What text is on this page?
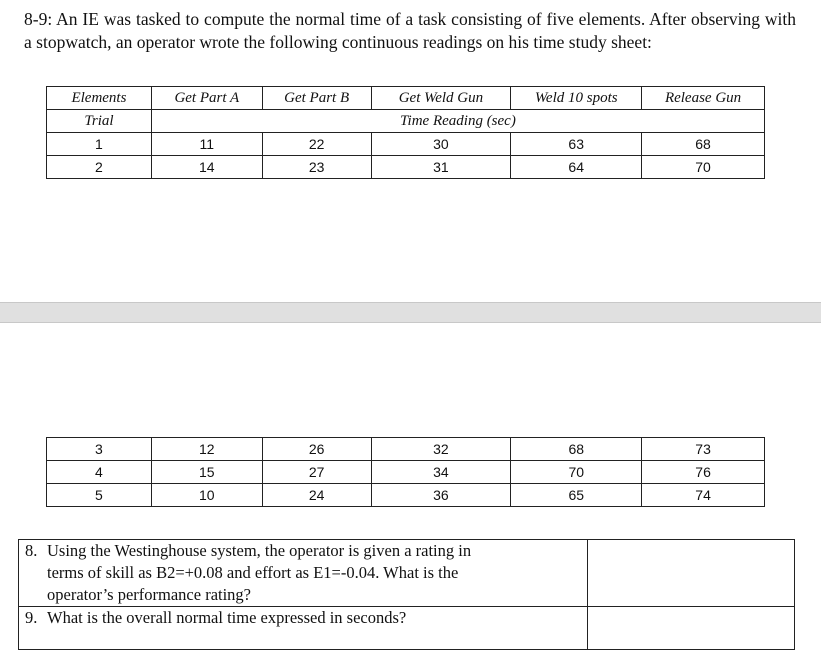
8-9: An IE was tasked to compute the normal time of a task consisting of five elements. After observing with a stopwatch, an operator wrote the following continuous readings on his time study sheet:
Elements	Get Part A	Get Part B	Get Weld Gun	Weld 10 spots	Release Gun
Trial	Time Reading (sec)				
1	11	22	30	63	68
2	14	23	31	64	70
3	12	26	32	68	73
4	15	27	34	70	76
5	10	24	36	65	74
8. Using the Westinghouse system, the operator is given a rating in
terms of skill as B2=+0.08 and effort as E1=-0.04. What is the
operator’s performance rating?	

9. What is the overall normal time expressed in seconds?	
